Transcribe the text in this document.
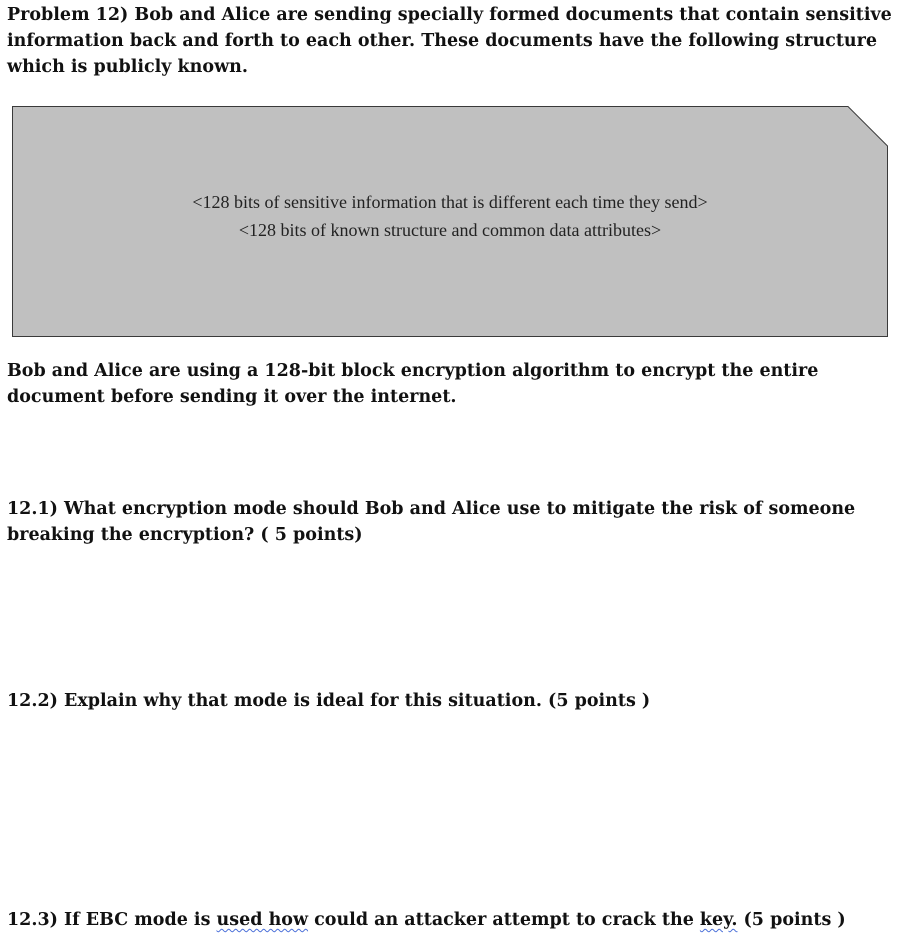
Problem 12) Bob and Alice are sending specially formed documents that contain sensitive information back and forth to each other. These documents have the following structure which is publicly known.

<128 bits of sensitive information that is different each time they send>
<128 bits of known structure and common data attributes>

Bob and Alice are using a 128-bit block encryption algorithm to encrypt the entire document before sending it over the internet.

12.1) What encryption mode should Bob and Alice use to mitigate the risk of someone breaking the encryption? ( 5 points)

12.2) Explain why that mode is ideal for this situation. (5 points )

12.3) If EBC mode is used how could an attacker attempt to crack the key. (5 points )
